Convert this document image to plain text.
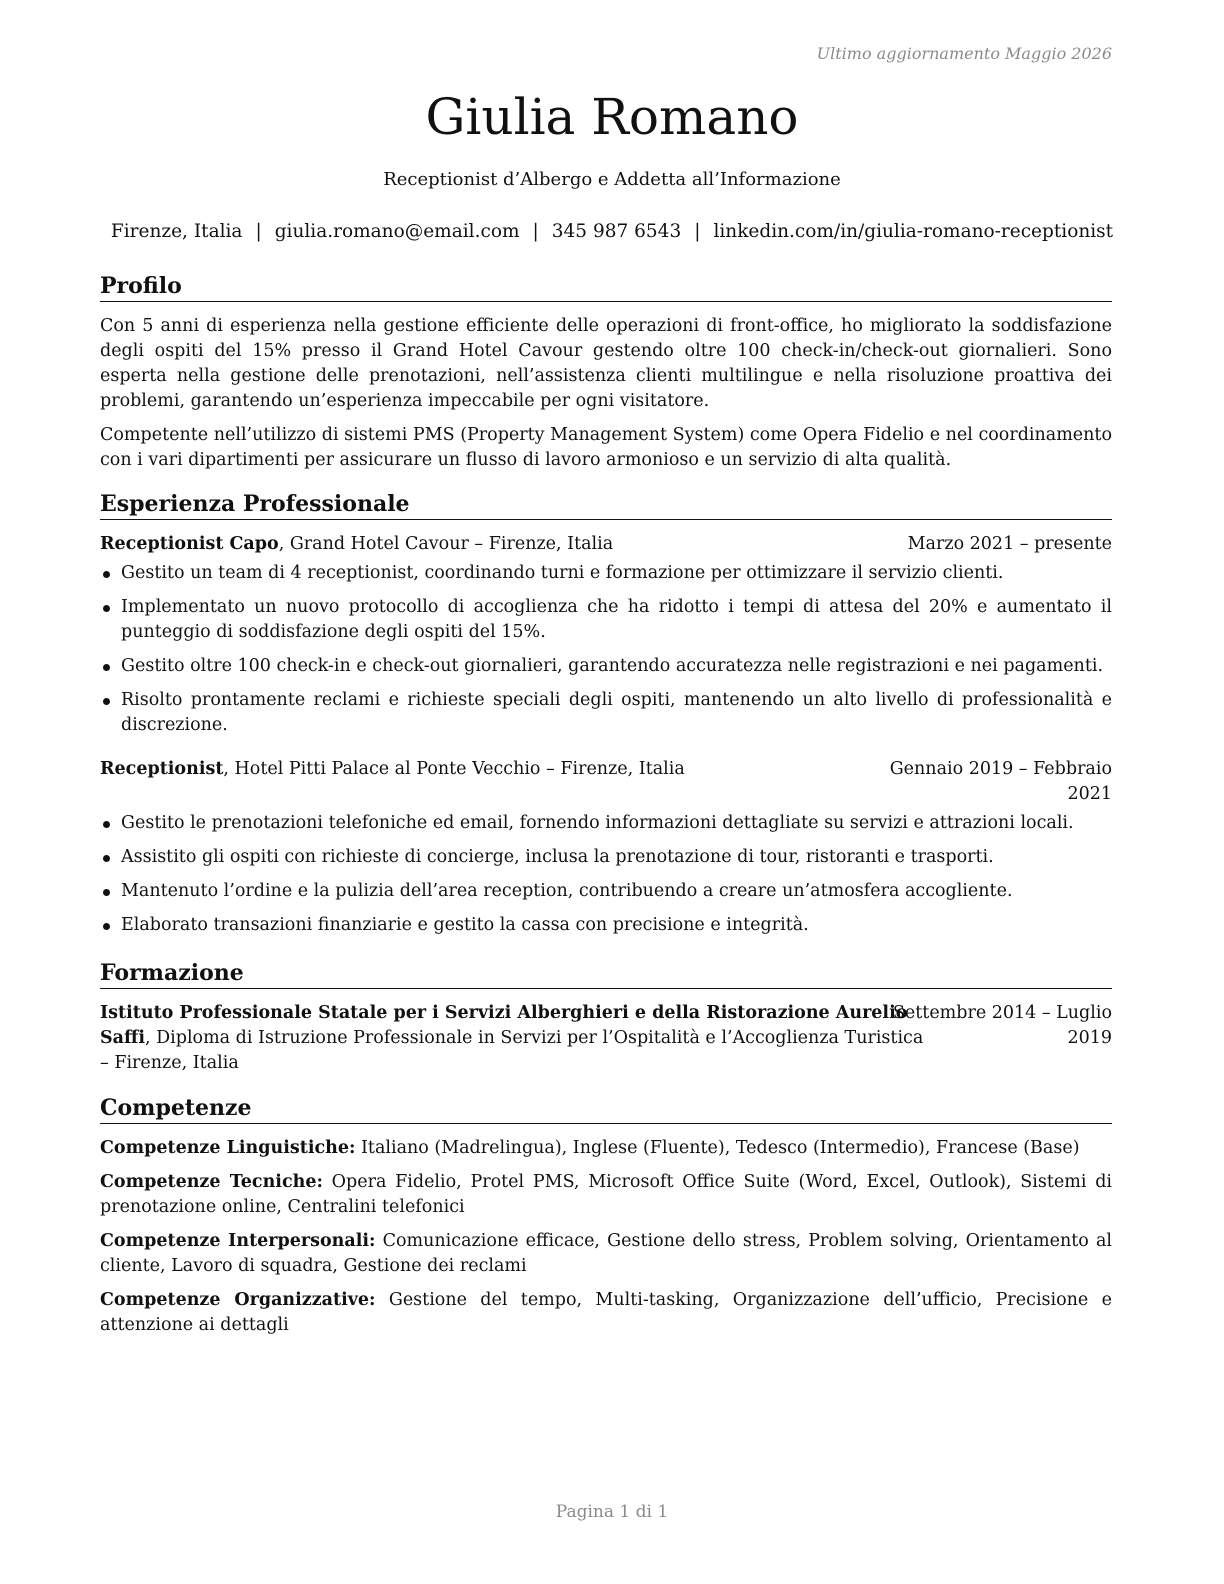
Ultimo aggiornamento Maggio 2026
Giulia Romano
Receptionist d’Albergo e Addetta all’Informazione
Firenze, Italia | giulia.romano@email.com | 345 987 6543 | linkedin.com/in/giulia-romano-receptionist
Profilo

Con 5 anni di esperienza nella gestione efficiente delle operazioni di front-office, ho migliorato la soddisfazione degli ospiti del 15% presso il Grand Hotel Cavour gestendo oltre 100 check-in/check-out giornalieri. Sono esperta nella gestione delle prenotazioni, nell’assistenza clienti multilingue e nella risoluzione proattiva dei problemi, garantendo un’esperienza impeccabile per ogni visitatore.

Competente nell’utilizzo di sistemi PMS (Property Management System) come Opera Fidelio e nel coordinamento con i vari dipartimenti per assicurare un flusso di lavoro armonioso e un servizio di alta qualità.

Esperienza Professionale
Receptionist Capo, Grand Hotel Cavour – Firenze, Italia	Marzo 2021 – presente
Gestito un team di 4 receptionist, coordinando turni e formazione per ottimizzare il servizio clienti.
Implementato un nuovo protocollo di accoglienza che ha ridotto i tempi di attesa del 20% e aumentato il punteggio di soddisfazione degli ospiti del 15%.
Gestito oltre 100 check-in e check-out giornalieri, garantendo accuratezza nelle registrazioni e nei pagamenti.
Risolto prontamente reclami e richieste speciali degli ospiti, mantenendo un alto livello di professionalità e discrezione.
Receptionist, Hotel Pitti Palace al Ponte Vecchio – Firenze, Italia	Gennaio 2019 – Febbraio
2021
Gestito le prenotazioni telefoniche ed email, fornendo informazioni dettagliate su servizi e attrazioni locali.
Assistito gli ospiti con richieste di concierge, inclusa la prenotazione di tour, ristoranti e trasporti.
Mantenuto l’ordine e la pulizia dell’area reception, contribuendo a creare un’atmosfera accogliente.
Elaborato transazioni finanziarie e gestito la cassa con precisione e integrità.
Formazione
Istituto Professionale Statale per i Servizi Alberghieri e della Ristorazione Aurelio
Saffi, Diploma di Istruzione Professionale in Servizi per l’Ospitalità e l’Accoglienza Turistica
– Firenze, Italia
Settembre 2014 – Luglio
2019
Competenze

Competenze Linguistiche: Italiano (Madrelingua), Inglese (Fluente), Tedesco (Intermedio), Francese (Base)

Competenze Tecniche: Opera Fidelio, Protel PMS, Microsoft Office Suite (Word, Excel, Outlook), Sistemi di prenotazione online, Centralini telefonici

Competenze Interpersonali: Comunicazione efficace, Gestione dello stress, Problem solving, Orientamento al cliente, Lavoro di squadra, Gestione dei reclami

Competenze Organizzative: Gestione del tempo, Multi-tasking, Organizzazione dell’ufficio, Precisione e attenzione ai dettagli

Pagina 1 di 1
